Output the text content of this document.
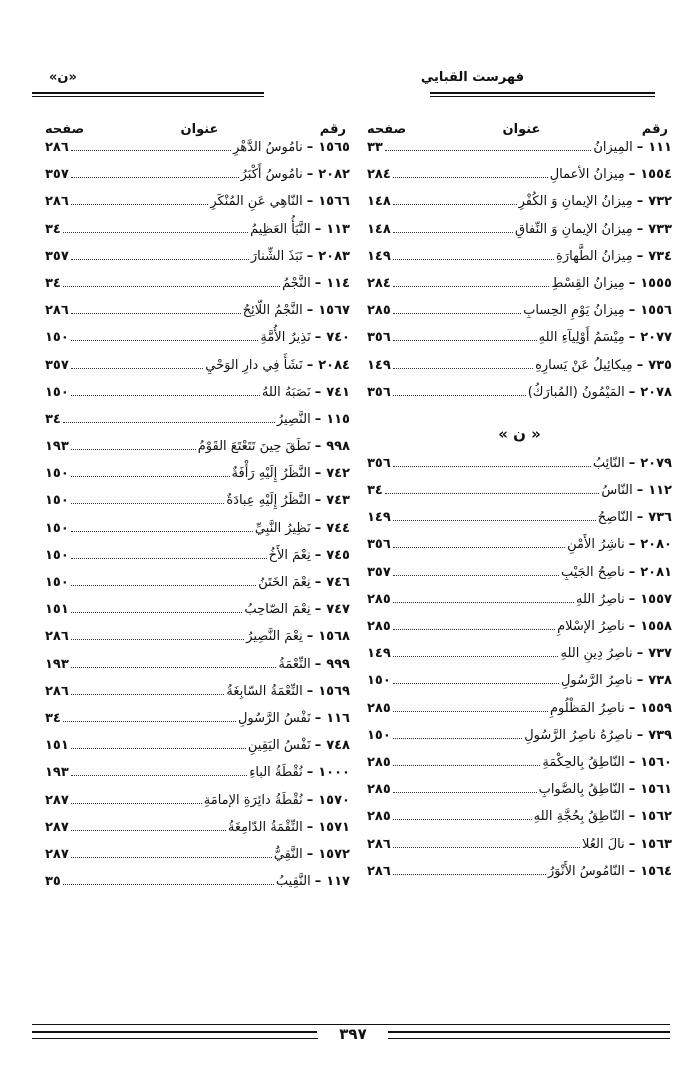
فهرست القبايي
«ن»
رقم
عنوان
صفحه
١١١
–
المِيزانُ
٣٣
١٥٥٤
–
مِيزانُ الأعمالِ
٢٨٤
٧٣٢
–
مِيزانُ الإيمانِ وَ الكُفْرِ
١٤٨
٧٣٣
–
مِيزانُ الإيمانِ وَ النِّفاقِ
١٤٨
٧٣٤
–
مِيزانُ الطَّهارَةِ
١٤٩
١٥٥٥
–
مِيزانُ القِسْطِ
٢٨٤
١٥٥٦
–
مِيزانُ يَوْمِ الحِسابِ
٢٨٥
٢٠٧٧
–
مِيْسَمُ أَوْلِيآءِ اللهِ
٣٥٦
٧٣٥
–
مِيكائِيلُ عَنْ يَسارِهِ
١٤٩
٢٠٧٨
–
المَيْمُونُ (المُبارَكُ)
٣٥٦
« ن »
٢٠٧٩
–
النّائِبُ
٣٥٦
١١٢
–
النّاسُ
٣٤
٧٣٦
–
النّاصِحُ
١٤٩
٢٠٨٠
–
ناشِرُ الأَمْنِ
٣٥٦
٢٠٨١
–
ناصِحُ الجَيْبِ
٣٥٧
١٥٥٧
–
ناصِرُ اللهِ
٢٨٥
١٥٥٨
–
ناصِرُ الإسْلامِ
٢٨٥
٧٣٧
–
ناصِرُ دِينِ اللهِ
١٤٩
٧٣٨
–
ناصِرُ الرَّسُولِ
١٥٠
١٥٥٩
–
ناصِرُ المَظْلُومِ
٢٨٥
٧٣٩
–
ناصِرُهُ ناصِرُ الرَّسُولِ
١٥٠
١٥٦٠
–
النّاطِقُ بِالحِكْمَةِ
٢٨٥
١٥٦١
–
النّاطِقُ بِالصَّوابِ
٢٨٥
١٥٦٢
–
النّاطِقُ بِحُجَّةِ اللهِ
٢٨٥
١٥٦٣
–
نالَ العُلا
٢٨٦
١٥٦٤
–
النّامُوسُ الأَنْوَرُ
٢٨٦
رقم
عنوان
صفحه
١٥٦٥
–
نامُوسُ الدَّهْرِ
٢٨٦
٢٠٨٢
–
نامُوسُ أَكْبَرُ
٣٥٧
١٥٦٦
–
النّاهِي عَنِ المُنْكَرِ
٢٨٦
١١٣
–
النَّبَأُ العَظِيمُ
٣٤
٢٠٨٣
–
نَبَذَ الشِّنارَ
٣٥٧
١١٤
–
النَّجْمُ
٣٤
١٥٦٧
–
النَّجْمُ اللّائِحُ
٢٨٦
٧٤٠
–
نَذِيرُ الأُمَّةِ
١٥٠
٢٠٨٤
–
نَشَأَ فِي دارِ الوَحْيِ
٣٥٧
٧٤١
–
نَصَبَهُ اللهُ
١٥٠
١١٥
–
النَّصِيرُ
٣٤
٩٩٨
–
نَطَقَ حِينَ تَتَعْتَعَ القَوْمُ
١٩٣
٧٤٢
–
النَّظَرُ إِلَيْهِ رَأْفَةٌ
١٥٠
٧٤٣
–
النَّظَرُ إِلَيْهِ عِبادَةٌ
١٥٠
٧٤٤
–
نَظِيرُ النَّبِيِّ
١٥٠
٧٤٥
–
نِعْمَ الأَخُ
١٥٠
٧٤٦
–
نِعْمَ الخَتَنُ
١٥٠
٧٤٧
–
نِعْمَ الصّاحِبُ
١٥١
١٥٦٨
–
نِعْمَ النَّصِيرُ
٢٨٦
٩٩٩
–
النِّعْمَةُ
١٩٣
١٥٦٩
–
النِّعْمَةُ السّابِغَةُ
٢٨٦
١١٦
–
نَفْسُ الرَّسُولِ
٣٤
٧٤٨
–
نَفْسُ اليَقِينِ
١٥١
١٠٠٠
–
نُقْطَةُ الباءِ
١٩٣
١٥٧٠
–
نُقْطَةُ دائِرَةِ الإمامَةِ
٢٨٧
١٥٧١
–
النِّقْمَةُ الدّامِغَةُ
٢٨٧
١٥٧٢
–
النَّقِيُّ
٢٨٧
١١٧
–
النَّقِيبُ
٣٥
٣٩٧
